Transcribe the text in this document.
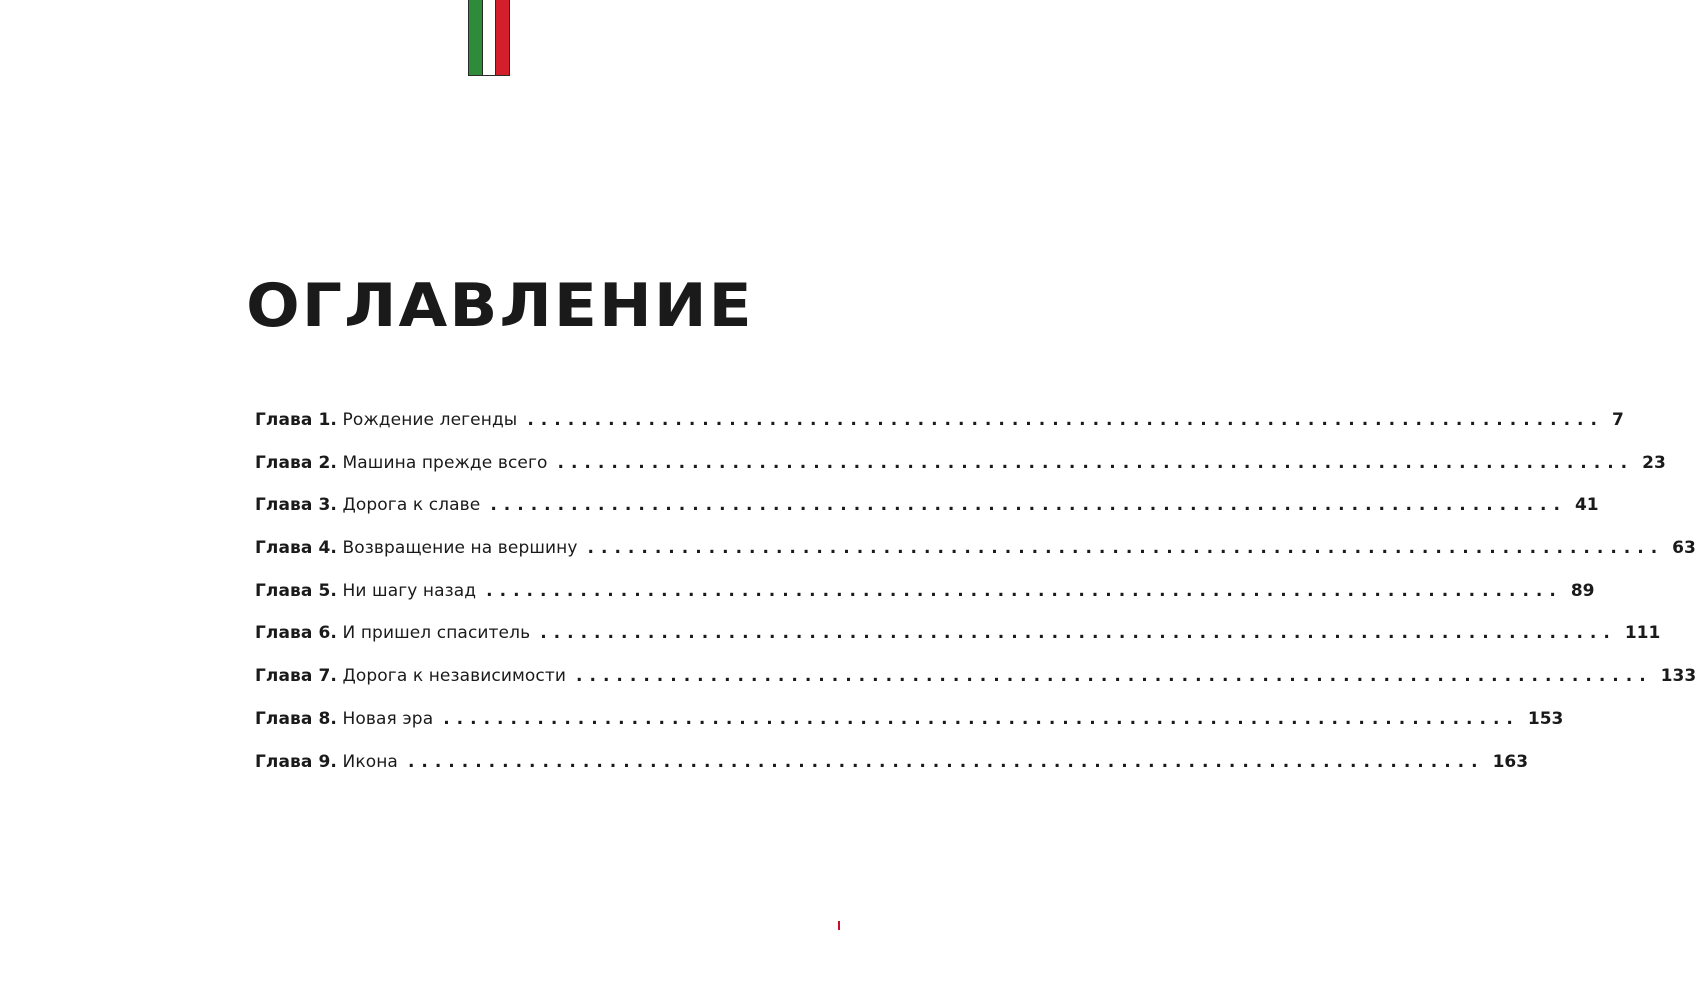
ОГЛАВЛЕНИЕ
Глава 1. Рождение легенды ................................................................................ 7
Глава 2. Машина прежде всего ................................................................................ 23
Глава 3. Дорога к славе ................................................................................ 41
Глава 4. Возвращение на вершину ................................................................................ 63
Глава 5. Ни шагу назад ................................................................................ 89
Глава 6. И пришел спаситель ................................................................................ 111
Глава 7. Дорога к независимости ................................................................................ 133
Глава 8. Новая эра ................................................................................ 153
Глава 9. Икона ................................................................................ 163
